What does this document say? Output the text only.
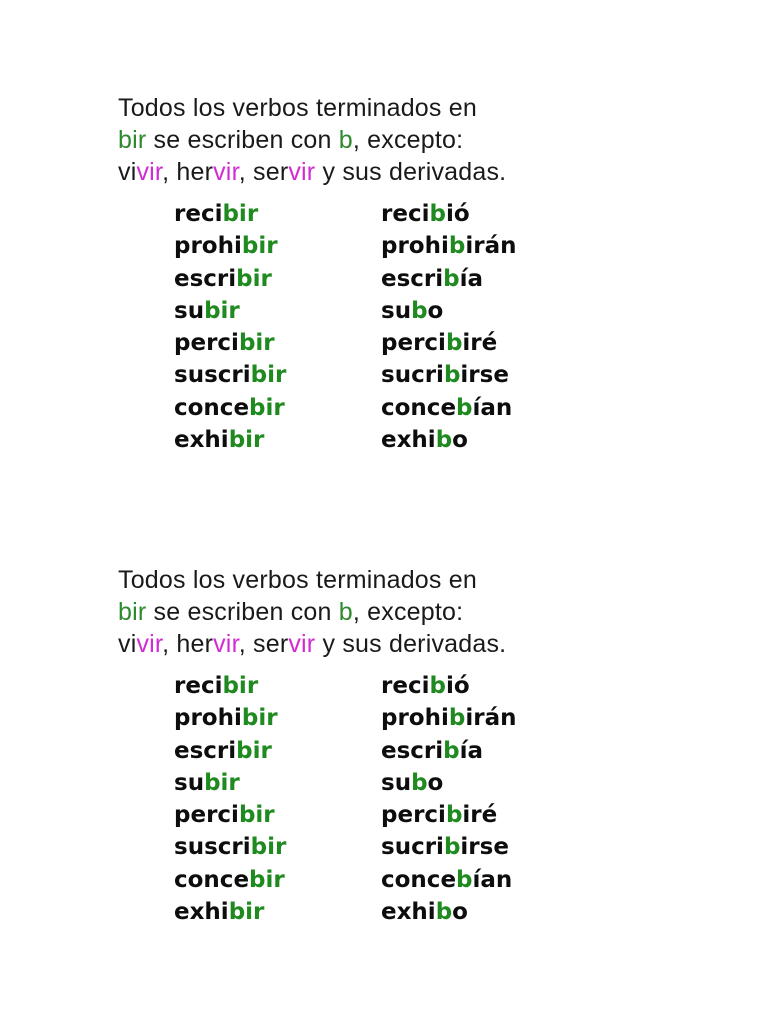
Todos los verbos terminados en
bir se escriben con b, excepto:
vivir, hervir, servir y sus derivadas.
recibir
prohibir
escribir
subir
percibir
suscribir
concebir
exhibir
recibió
prohibirán
escribía
subo
percibiré
sucribirse
concebían
exhibo
Todos los verbos terminados en
bir se escriben con b, excepto:
vivir, hervir, servir y sus derivadas.
recibir
prohibir
escribir
subir
percibir
suscribir
concebir
exhibir
recibió
prohibirán
escribía
subo
percibiré
sucribirse
concebían
exhibo
